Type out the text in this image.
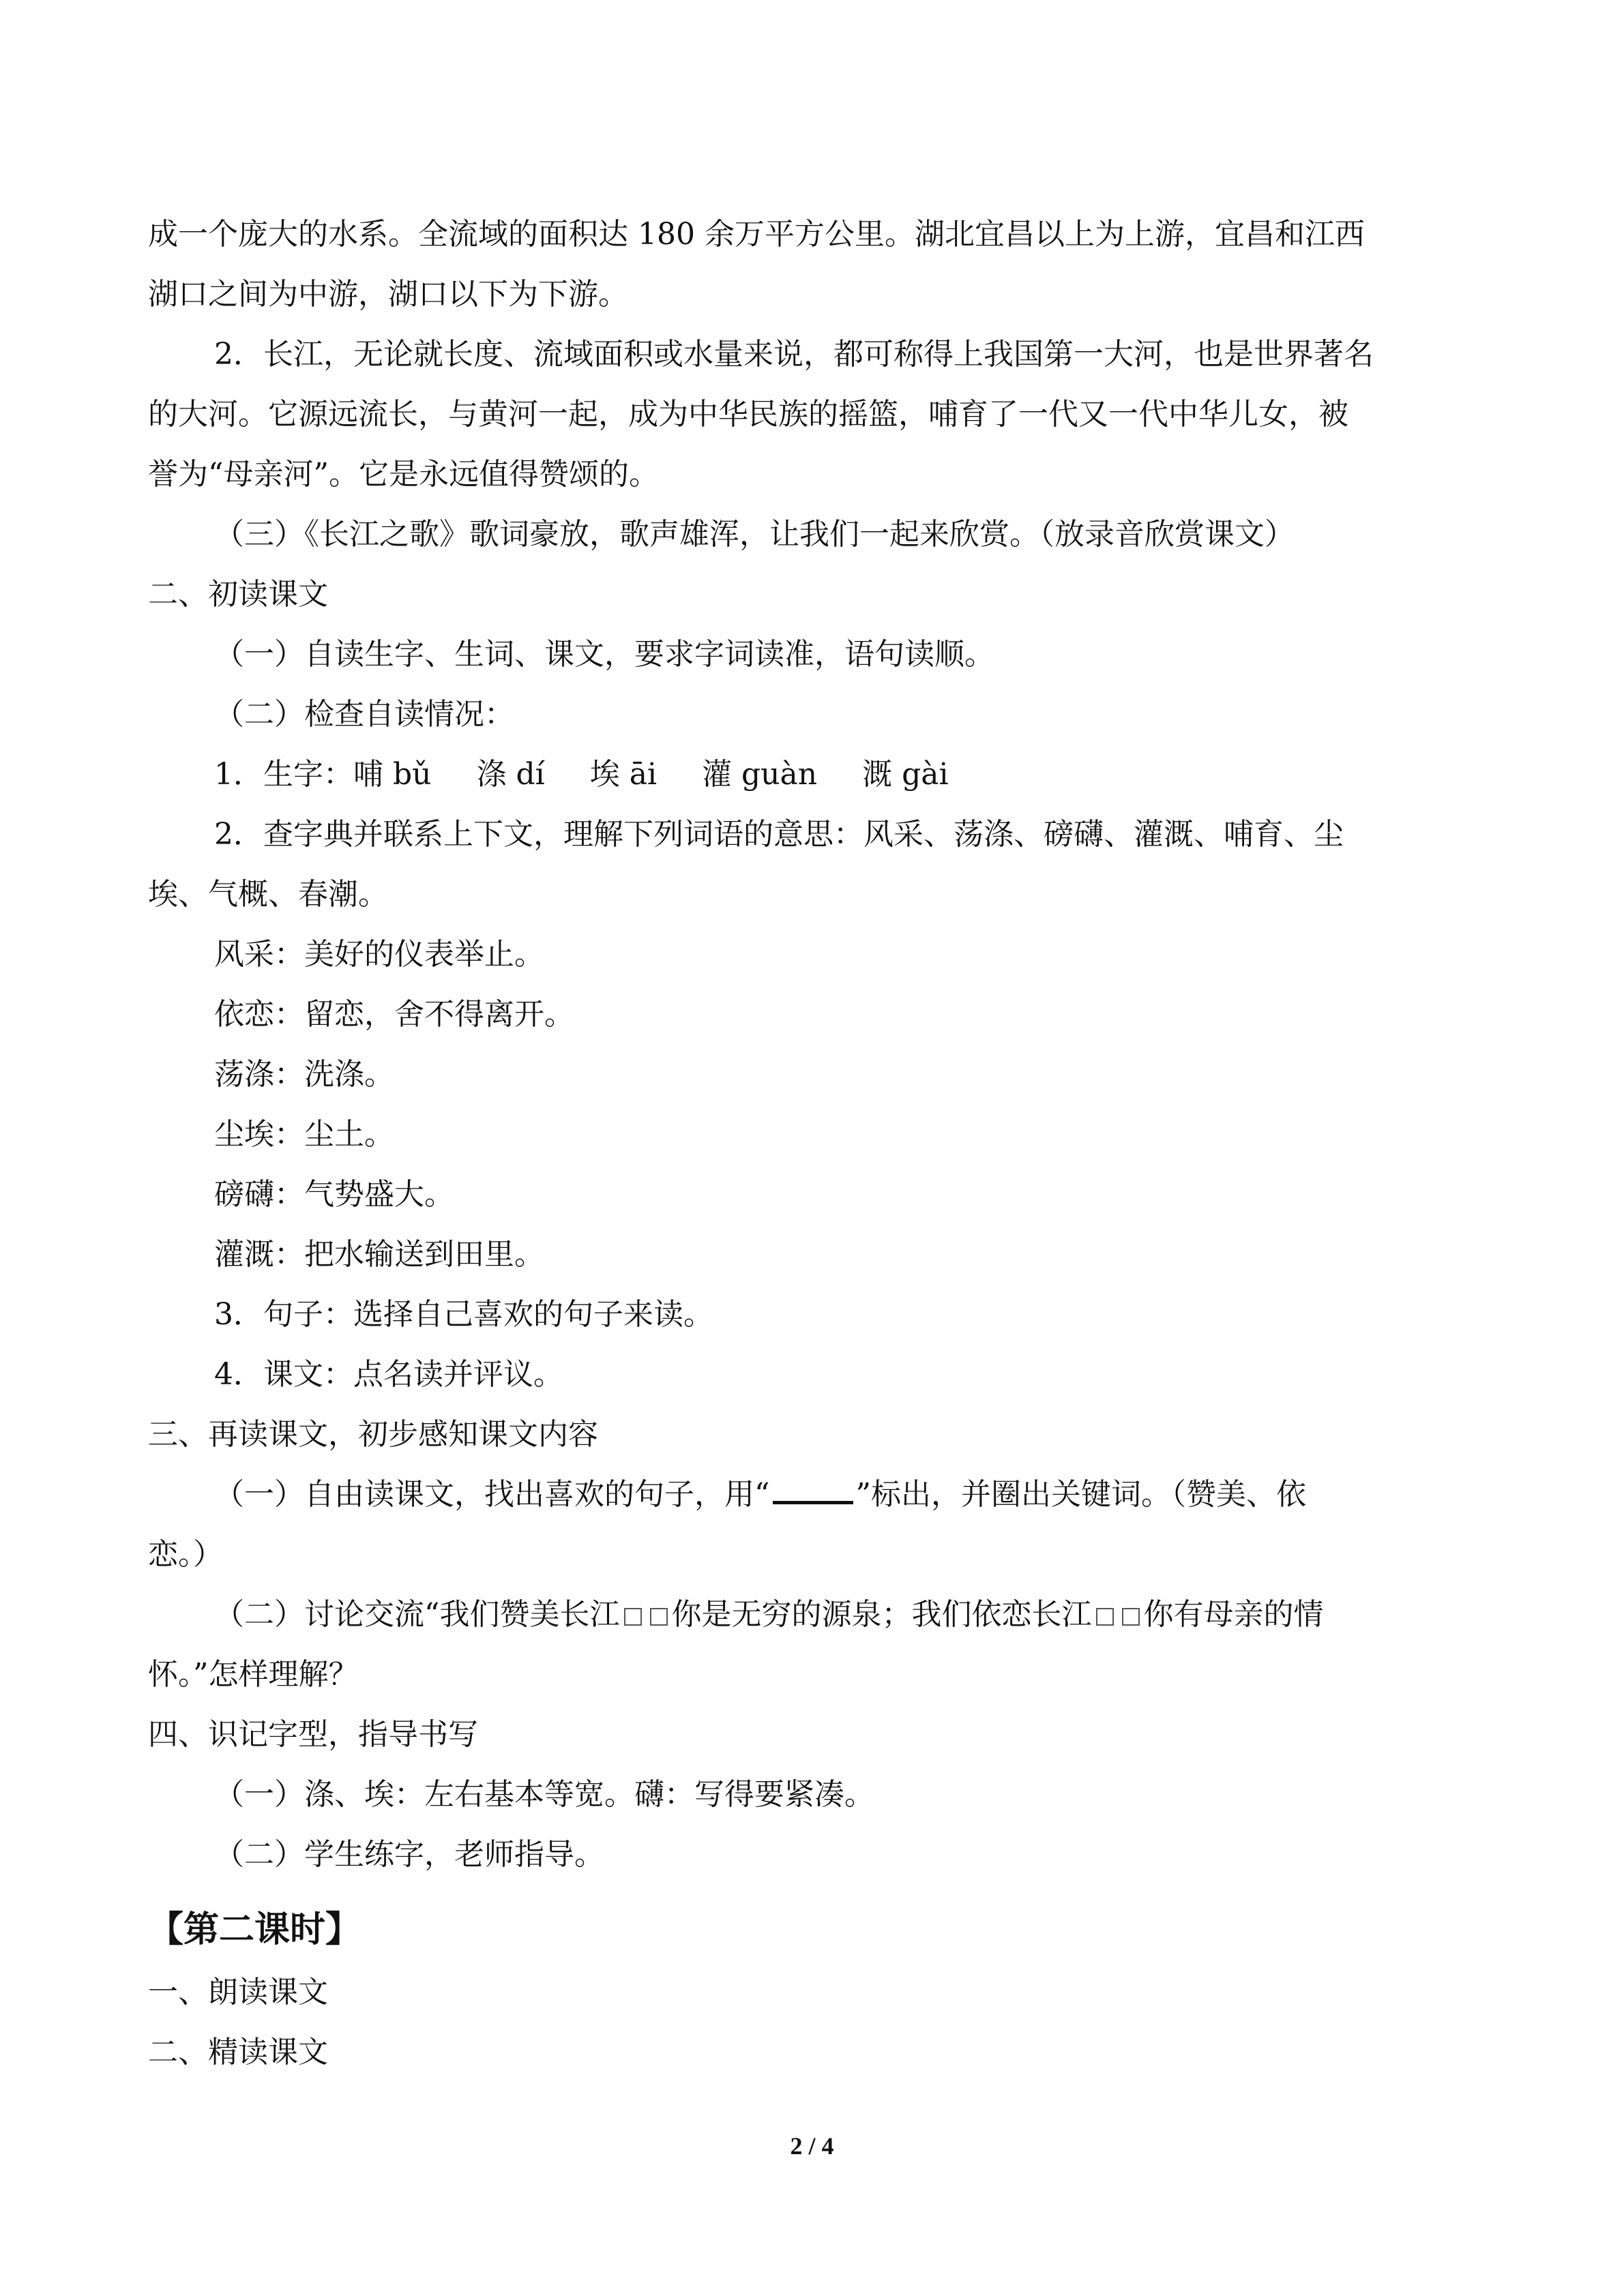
成一个庞大的水系。全流域的面积达 180 余万平方公里。湖北宜昌以上为上游，宜昌和江西
湖口之间为中游，湖口以下为下游。
2．长江，无论就长度、流域面积或水量来说，都可称得上我国第一大河，也是世界著名
的大河。它源远流长，与黄河一起，成为中华民族的摇篮，哺育了一代又一代中华儿女，被
誉为“母亲河”。它是永远值得赞颂的。
（三）《长江之歌》歌词豪放，歌声雄浑，让我们一起来欣赏。（放录音欣赏课文）
二、初读课文
（一）自读生字、生词、课文，要求字词读准，语句读顺。
（二）检查自读情况：
1．生字：哺 bǔ 涤 dí 埃 āi 灌 guàn 溉 gài
2．查字典并联系上下文，理解下列词语的意思：风采、荡涤、磅礴、灌溉、哺育、尘
埃、气概、春潮。
风采：美好的仪表举止。
依恋：留恋，舍不得离开。
荡涤：洗涤。
尘埃：尘土。
磅礴：气势盛大。
灌溉：把水输送到田里。
3．句子：选择自己喜欢的句子来读。
4．课文：点名读并评议。
三、再读课文，初步感知课文内容
（一）自由读课文，找出喜欢的句子，用“	”标出，并圈出关键词。（赞美、依
恋。）
（二）讨论交流“我们赞美长江 你是无穷的源泉；我们依恋长江 你有母亲的情
怀。”怎样理解？
四、识记字型，指导书写
（一）涤、埃：左右基本等宽。礴：写得要紧凑。
（二）学生练字，老师指导。
【第二课时】
一、朗读课文
二、精读课文
2 / 4
